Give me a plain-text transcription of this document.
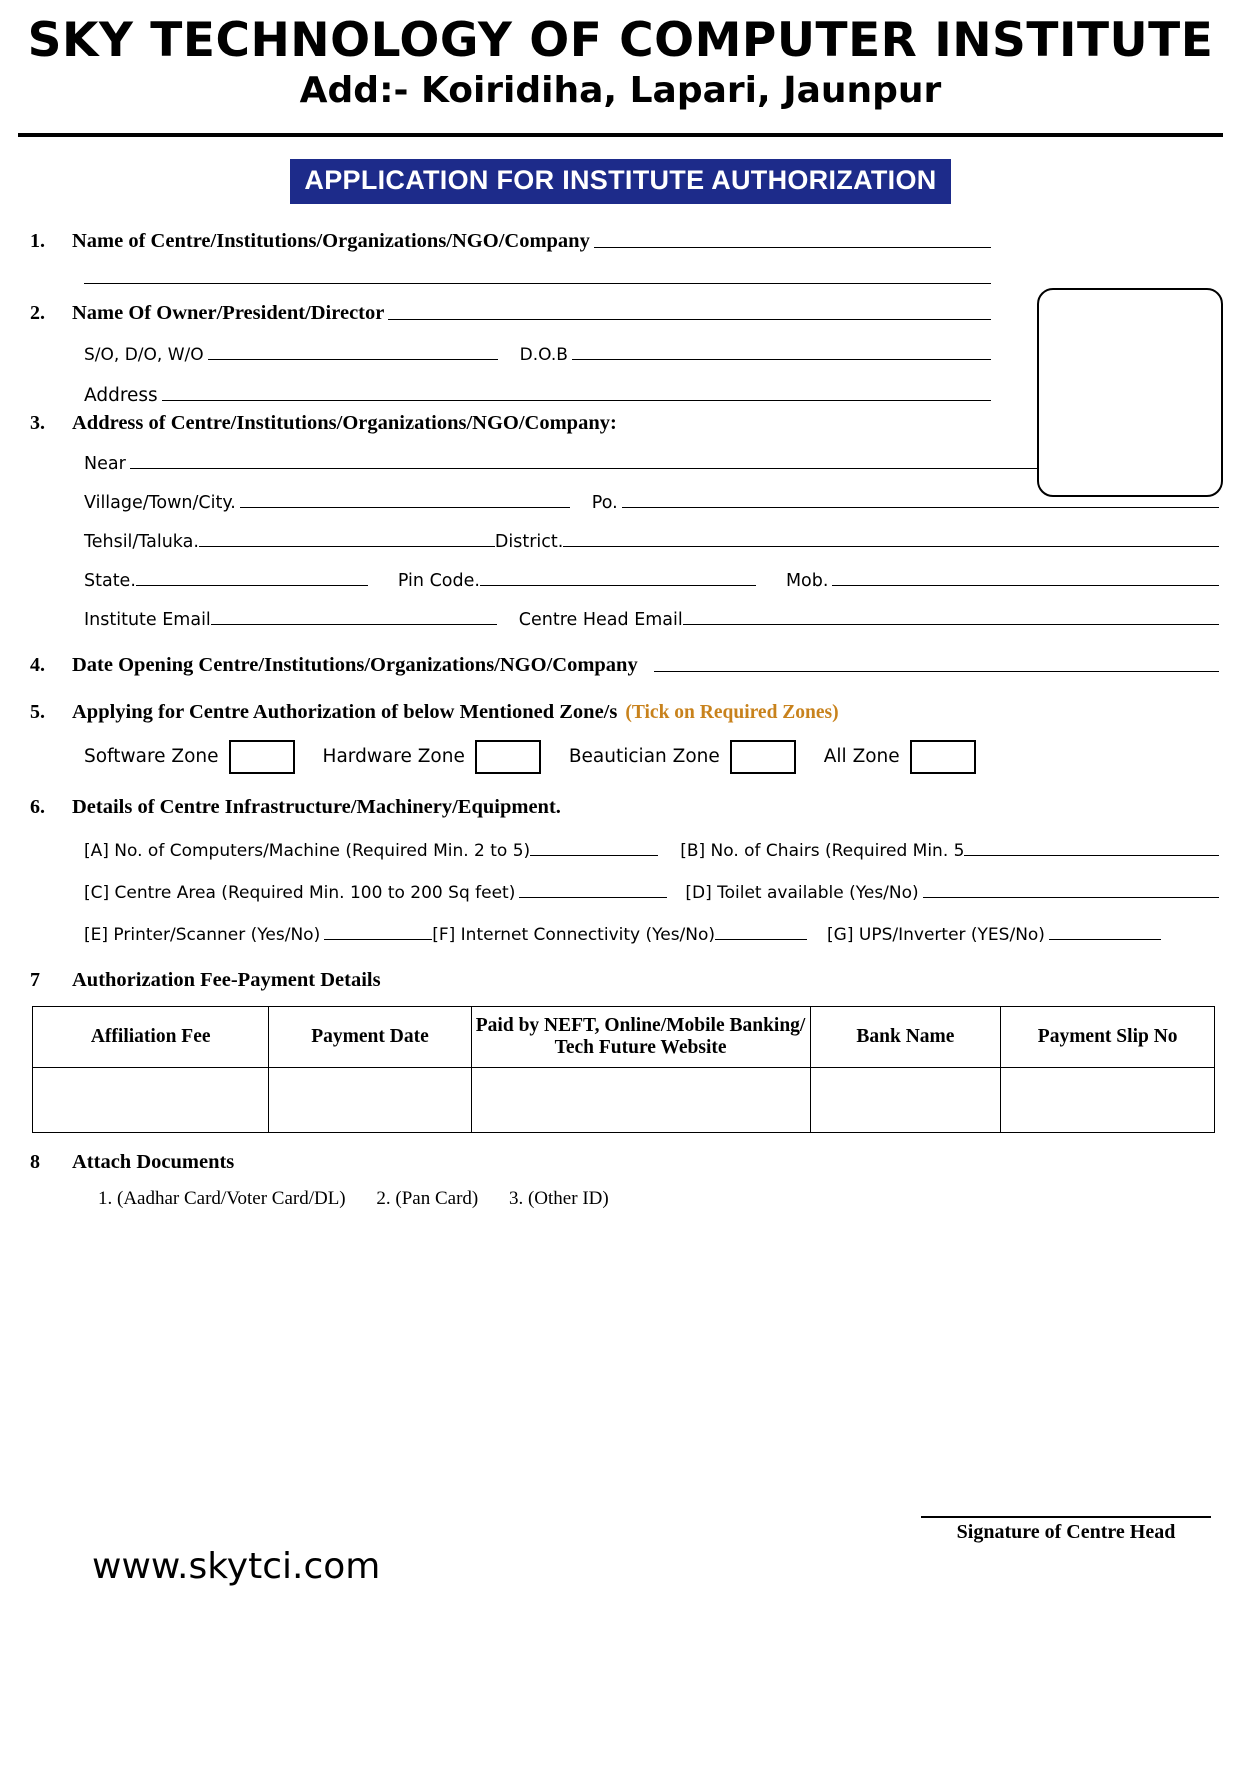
SKY TECHNOLOGY OF COMPUTER INSTITUTE
Add:- Koiridiha, Lapari, Jaunpur
APPLICATION FOR INSTITUTE AUTHORIZATION
1.	Name of Centre/Institutions/Organizations/NGO/Company
2.	Name Of Owner/President/Director
S/O, D/O, W/O	D.O.B
Address
3.	Address of Centre/Institutions/Organizations/NGO/Company:
Near
Village/Town/City.	Po.
Tehsil/Taluka.	District.
State.	Pin Code.	Mob.
Institute Email	Centre Head Email
4.	Date Opening Centre/Institutions/Organizations/NGO/Company
5.	Applying for Centre Authorization of below Mentioned Zone/s (Tick on Required Zones)
Software Zone	Hardware Zone	Beautician Zone	All Zone
6.	Details of Centre Infrastructure/Machinery/Equipment.
[A] No. of Computers/Machine (Required Min. 2 to 5)	[B] No. of Chairs (Required Min. 5
[C] Centre Area (Required Min. 100 to 200 Sq feet)	[D] Toilet available (Yes/No)
[E] Printer/Scanner (Yes/No)	[F] Internet Connectivity (Yes/No)	[G] UPS/Inverter (YES/No)
7	Authorization Fee-Payment Details
Affiliation Fee	Payment Date	Paid by NEFT, Online/Mobile Banking/ Tech Future Website	Bank Name	Payment Slip No

8	Attach Documents
1. (Aadhar Card/Voter Card/DL) 2. (Pan Card) 3. (Other ID)
Signature of Centre Head
www.skytci.com
